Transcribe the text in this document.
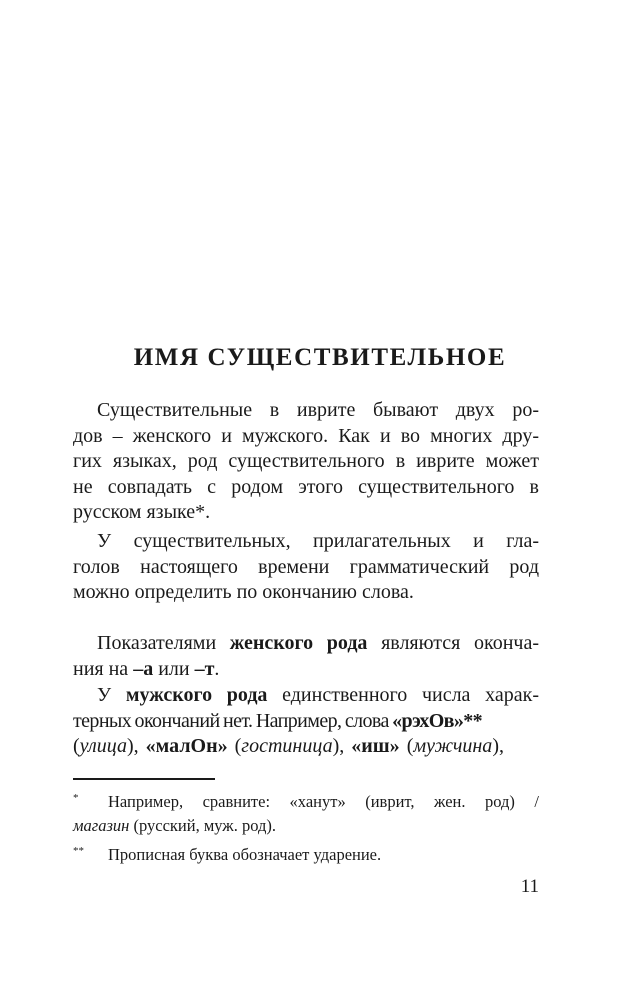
ИМЯ СУЩЕСТВИТЕЛЬНОЕ
Существительные в иврите бывают двух ро-
дов – женского и мужского. Как и во многих дру-
гих языках, род существительного в иврите может
не совпадать с родом этого существительного в
русском языке*.
У существительных, прилагательных и гла-
голов настоящего времени грамматический род
можно определить по окончанию слова.
Показателями женского рода являются оконча-
ния на –а или –т.
У мужского рода единственного числа харак-
терных окончаний нет. Например, слова «рэхОв»**
(улица), «малОн» (гостиница), «иш» (мужчина),
*	Например, сравните: «ханут» (иврит, жен. род) /
магазин (русский, муж. род).
**	Прописная буква обозначает ударение.
11
